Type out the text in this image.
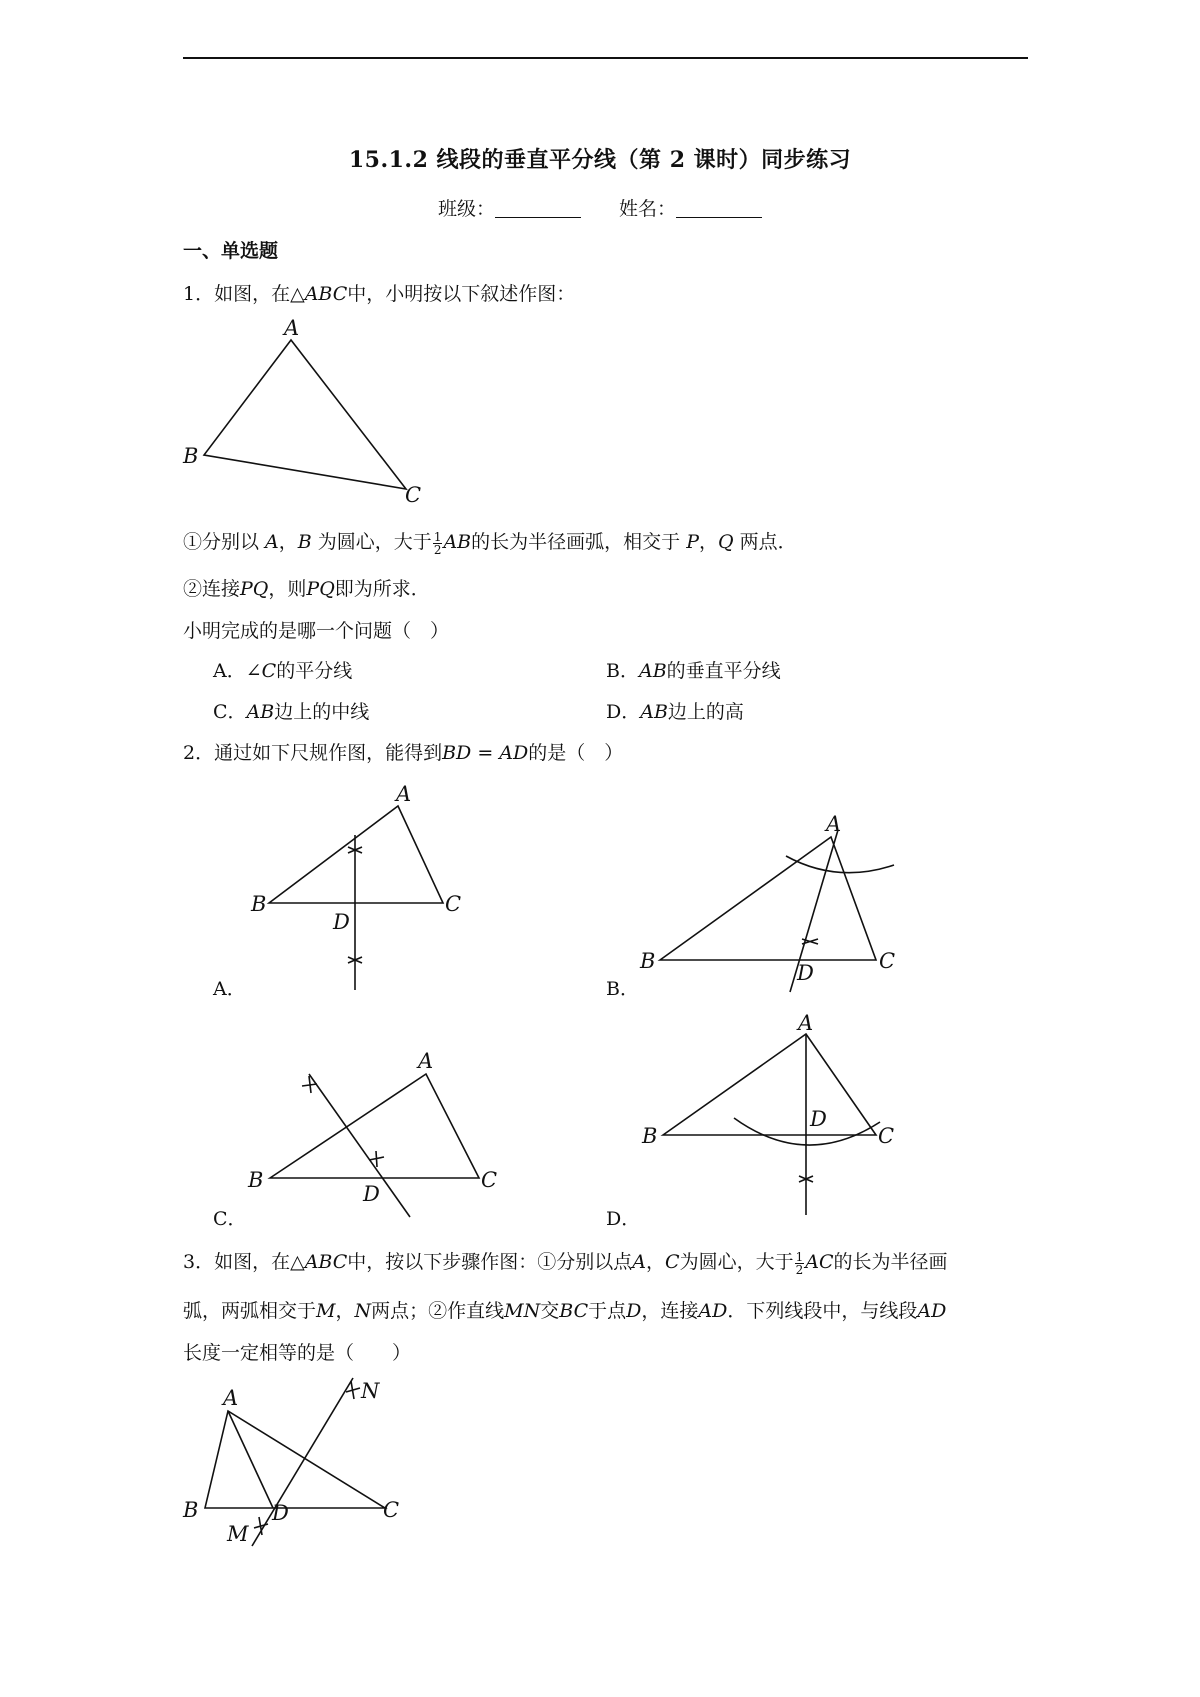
15.1.2 线段的垂直平分线（第 2 课时）同步练习
班级：	姓名：
一、单选题
1．如图，在△ABC中，小明按以下叙述作图：
A
B
C
①分别以 A，B 为圆心，大于 $\frac{1}{2}$ AB的长为半径画弧，相交于 P，Q 两点．
②连接PQ，则PQ即为所求．
小明完成的是哪一个问题（　）
A．∠C的平分线	B．AB的垂直平分线
C．AB边上的中线	D．AB边上的高
2．通过如下尺规作图，能得到BD = AD的是（　）
A
B	C
D
A．
A
B	C
D
B．
A
B	C
D
C．
A
B	C
D
D．
3．如图，在△ABC中，按以下步骤作图：①分别以点A，C为圆心，大于 $\frac{1}{2}$ AC的长为半径画
弧，两弧相交于M，N两点；②作直线MN交BC于点D，连接AD．下列线段中，与线段AD
长度一定相等的是（　　）
A
B	C
D
M
N
